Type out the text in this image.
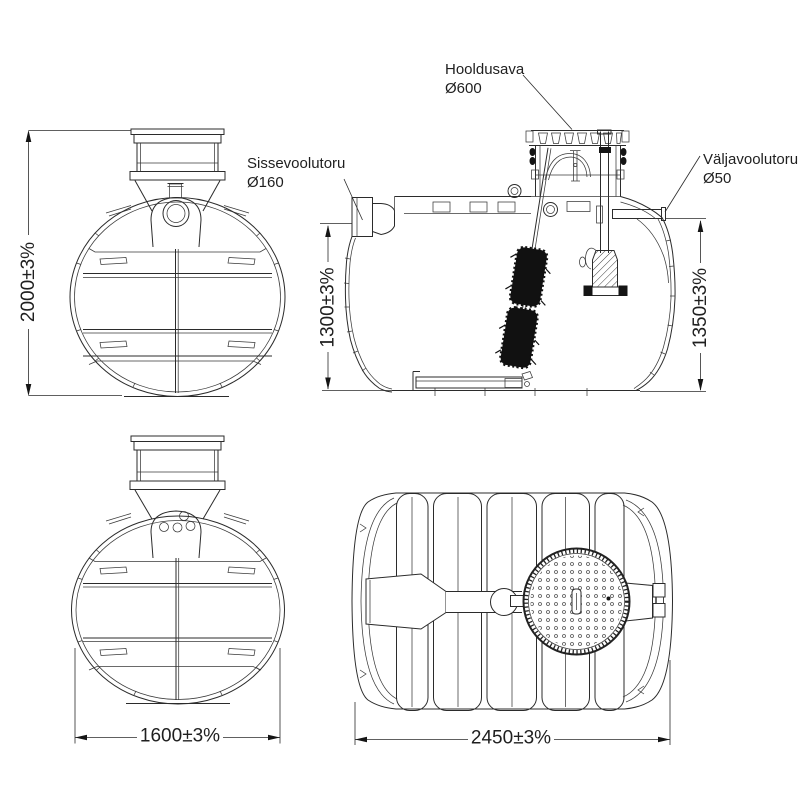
2000±3%	1300±3%	1350±3%
Hooldusava
Ø600
Sissevoolutoru
Ø160
Väljavoolutoru
Ø50
1600±3%	2450±3%
